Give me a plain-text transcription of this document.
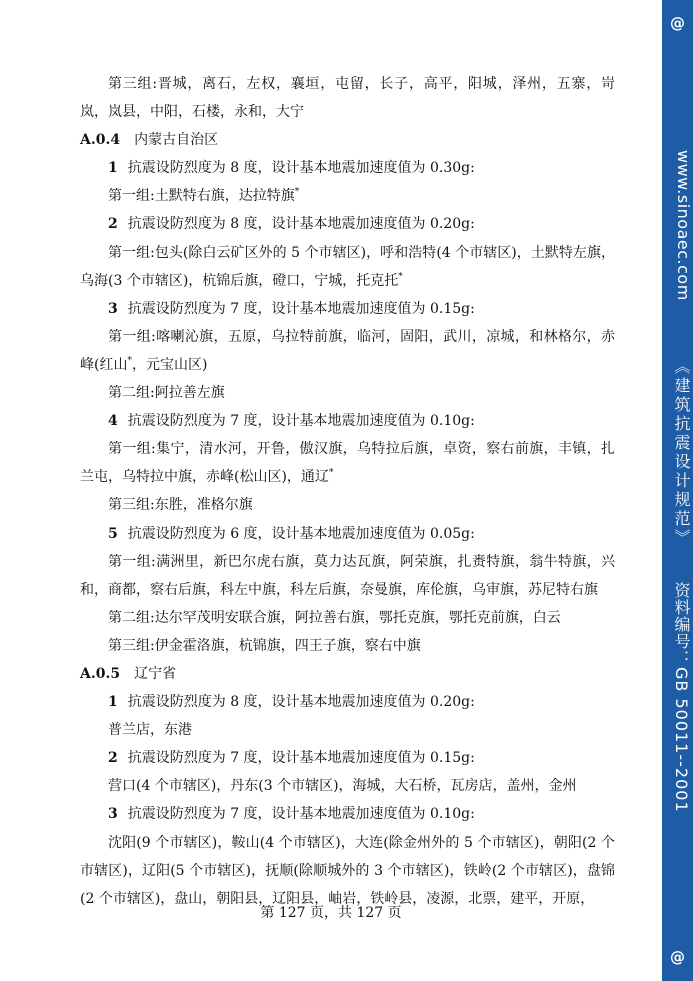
第三组:晋城，离石，左权，襄垣，屯留，长子，高平，阳城，泽州，五寨，岢岚，岚县，中阳，石楼，永和，大宁
A.0.4 内蒙古自治区
1 抗震设防烈度为 8 度，设计基本地震加速度值为 0.30g:
第一组:土默特右旗，达拉特旗*
2 抗震设防烈度为 8 度，设计基本地震加速度值为 0.20g:
第一组:包头(除白云矿区外的 5 个市辖区)，呼和浩特(4 个市辖区)，土默特左旗，乌海(3 个市辖区)，杭锦后旗，磴口，宁城，托克托*
3 抗震设防烈度为 7 度，设计基本地震加速度值为 0.15g:
第一组:喀喇沁旗，五原，乌拉特前旗，临河，固阳，武川，凉城，和林格尔，赤峰(红山*，元宝山区)
第二组:阿拉善左旗
4 抗震设防烈度为 7 度，设计基本地震加速度值为 0.10g:
第一组:集宁，清水河，开鲁，傲汉旗，乌特拉后旗，卓资，察右前旗，丰镇，扎兰屯，乌特拉中旗，赤峰(松山区)，通辽*
第三组:东胜，准格尔旗
5 抗震设防烈度为 6 度，设计基本地震加速度值为 0.05g:
第一组:满洲里，新巴尔虎右旗，莫力达瓦旗，阿荣旗，扎赉特旗，翁牛特旗，兴和，商都，察右后旗，科左中旗，科左后旗，奈曼旗，库伦旗，乌审旗，苏尼特右旗
第二组:达尔罕茂明安联合旗，阿拉善右旗，鄂托克旗，鄂托克前旗，白云
第三组:伊金霍洛旗，杭锦旗，四王子旗，察右中旗
A.0.5 辽宁省
1 抗震设防烈度为 8 度，设计基本地震加速度值为 0.20g:
普兰店，东港
2 抗震设防烈度为 7 度，设计基本地震加速度值为 0.15g:
营口(4 个市辖区)，丹东(3 个市辖区)，海城，大石桥，瓦房店，盖州，金州
3 抗震设防烈度为 7 度，设计基本地震加速度值为 0.10g:
沈阳(9 个市辖区)，鞍山(4 个市辖区)，大连(除金州外的 5 个市辖区)，朝阳(2 个市辖区)，辽阳(5 个市辖区)，抚顺(除顺城外的 3 个市辖区)，铁岭(2 个市辖区)，盘锦(2 个市辖区)，盘山，朝阳县，辽阳县，岫岩，铁岭县，凌源，北票，建平，开原，
第 127 页，共 127 页
@
www.sinoaec.com
《建筑抗震设计规范》
资料编号：GB 50011--2001
@
